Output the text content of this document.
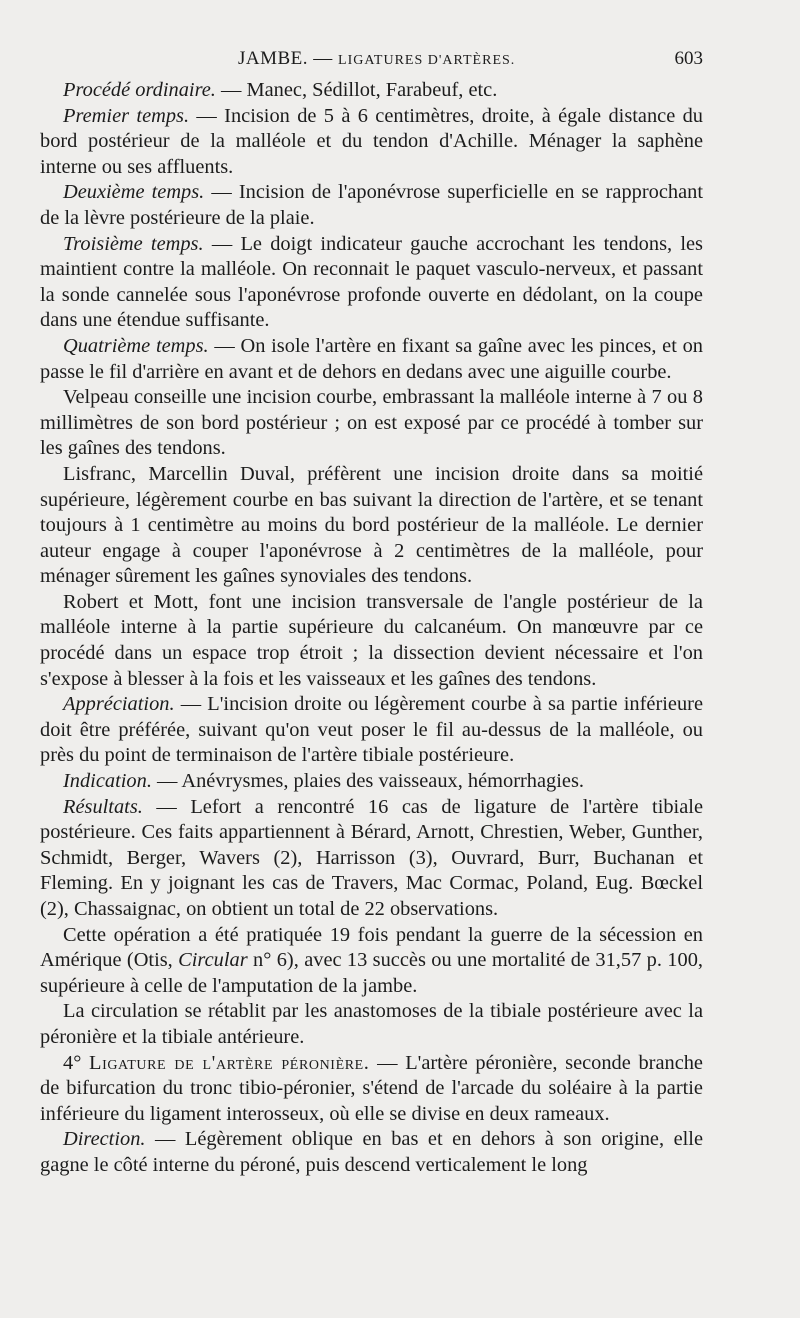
JAMBE. — LIGATURES D'ARTÈRES.	603

Procédé ordinaire. — Manec, Sédillot, Farabeuf, etc.

Premier temps. — Incision de 5 à 6 centimètres, droite, à égale distance du bord postérieur de la malléole et du tendon d'Achille. Ménager la saphène interne ou ses affluents.

Deuxième temps. — Incision de l'aponévrose superficielle en se rapprochant de la lèvre postérieure de la plaie.

Troisième temps. — Le doigt indicateur gauche accrochant les tendons, les maintient contre la malléole. On reconnait le paquet vasculo-nerveux, et passant la sonde cannelée sous l'aponévrose profonde ouverte en dédolant, on la coupe dans une étendue suffisante.

Quatrième temps. — On isole l'artère en fixant sa gaîne avec les pinces, et on passe le fil d'arrière en avant et de dehors en dedans avec une aiguille courbe.

Velpeau conseille une incision courbe, embrassant la malléole interne à 7 ou 8 millimètres de son bord postérieur ; on est exposé par ce procédé à tomber sur les gaînes des tendons.

Lisfranc, Marcellin Duval, préfèrent une incision droite dans sa moitié supérieure, légèrement courbe en bas suivant la direction de l'artère, et se tenant toujours à 1 centimètre au moins du bord postérieur de la malléole. Le dernier auteur engage à couper l'aponévrose à 2 centimètres de la malléole, pour ménager sûrement les gaînes synoviales des tendons.

Robert et Mott, font une incision transversale de l'angle postérieur de la malléole interne à la partie supérieure du calcanéum. On manœuvre par ce procédé dans un espace trop étroit ; la dissection devient nécessaire et l'on s'expose à blesser à la fois et les vaisseaux et les gaînes des tendons.

Appréciation. — L'incision droite ou légèrement courbe à sa partie inférieure doit être préférée, suivant qu'on veut poser le fil au-dessus de la malléole, ou près du point de terminaison de l'artère tibiale postérieure.

Indication. — Anévrysmes, plaies des vaisseaux, hémorrhagies.

Résultats. — Lefort a rencontré 16 cas de ligature de l'artère tibiale postérieure. Ces faits appartiennent à Bérard, Arnott, Chrestien, Weber, Gunther, Schmidt, Berger, Wavers (2), Harrisson (3), Ouvrard, Burr, Buchanan et Fleming. En y joignant les cas de Travers, Mac Cormac, Poland, Eug. Bœckel (2), Chassaignac, on obtient un total de 22 observations.

Cette opération a été pratiquée 19 fois pendant la guerre de la sécession en Amérique (Otis, Circular n° 6), avec 13 succès ou une mortalité de 31,57 p. 100, supérieure à celle de l'amputation de la jambe.

La circulation se rétablit par les anastomoses de la tibiale postérieure avec la péronière et la tibiale antérieure.

4° Ligature de l'artère péronière. — L'artère péronière, seconde branche de bifurcation du tronc tibio-péronier, s'étend de l'arcade du soléaire à la partie inférieure du ligament interosseux, où elle se divise en deux rameaux.

Direction. — Légèrement oblique en bas et en dehors à son origine, elle gagne le côté interne du péroné, puis descend verticalement le long
